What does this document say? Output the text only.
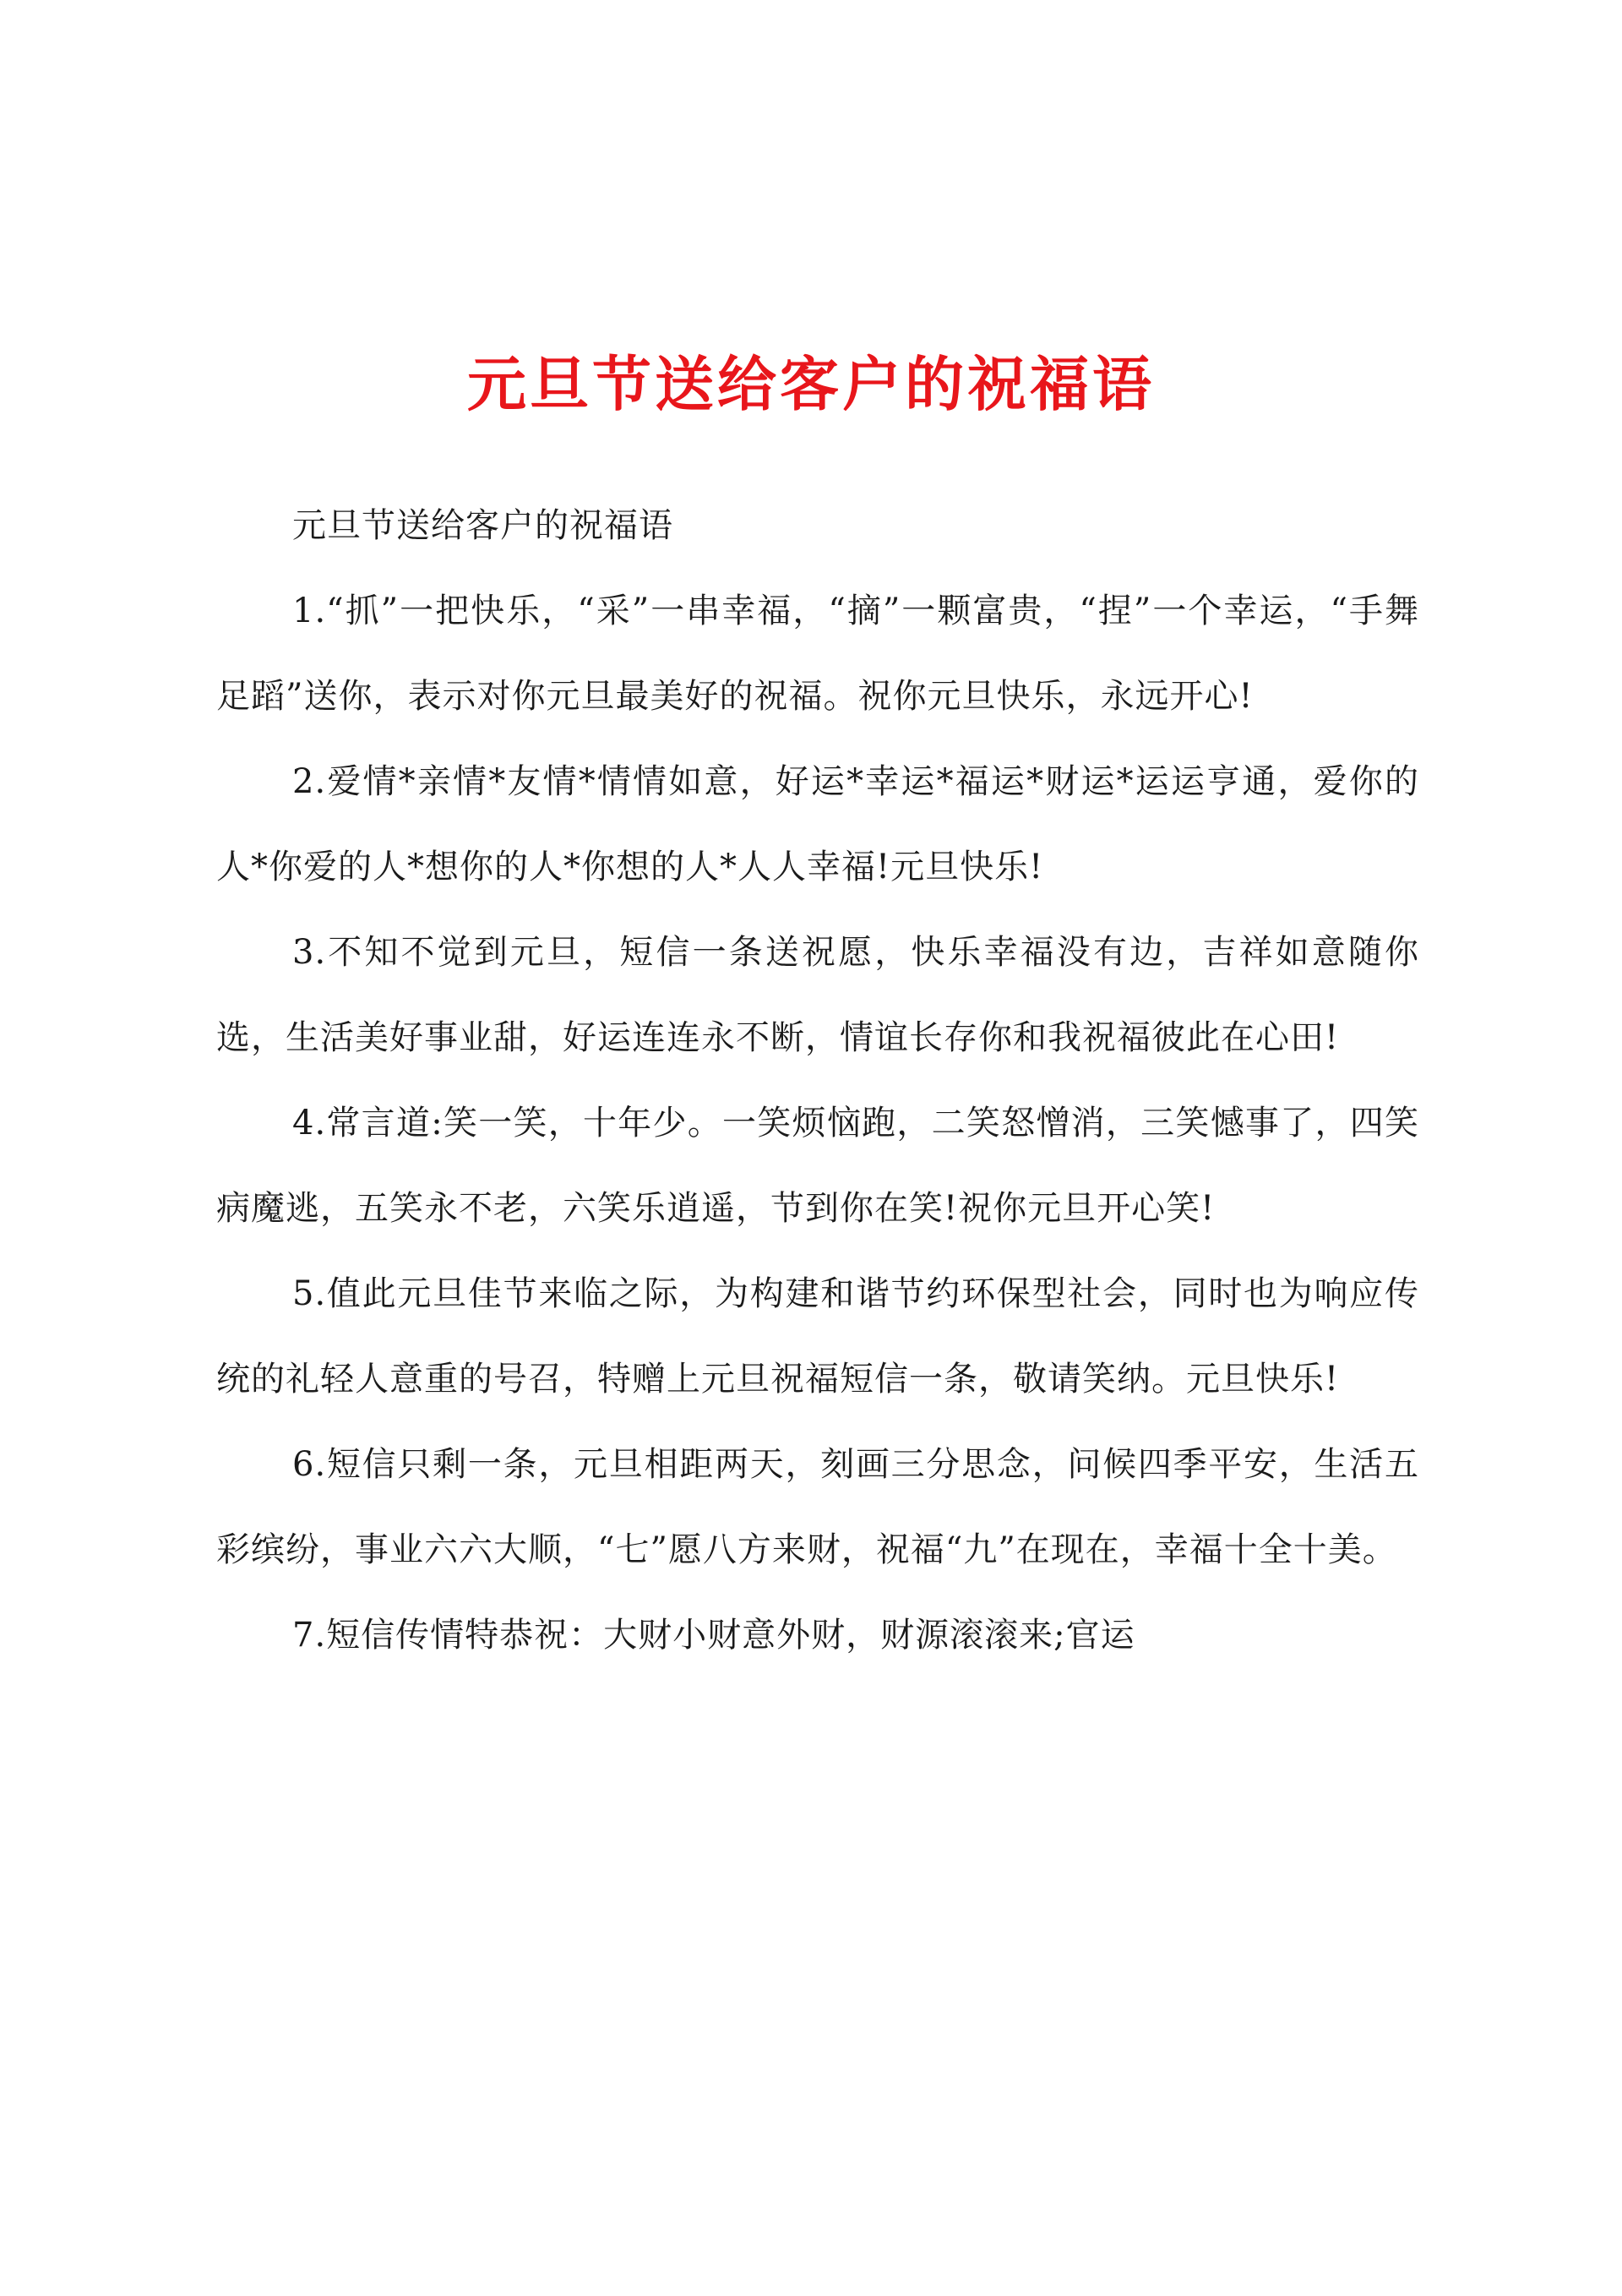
元旦节送给客户的祝福语

元旦节送给客户的祝福语

1.“抓”一把快乐，“采”一串幸福，“摘”一颗富贵，“捏”一个幸运，“手舞足蹈”送你，表示对你元旦最美好的祝福。祝你元旦快乐，永远开心!

2.爱情*亲情*友情*情情如意，好运*幸运*福运*财运*运运亨通，爱你的人*你爱的人*想你的人*你想的人*人人幸福!元旦快乐!

3.不知不觉到元旦，短信一条送祝愿，快乐幸福没有边，吉祥如意随你选，生活美好事业甜，好运连连永不断，情谊长存你和我祝福彼此在心田!

4.常言道:笑一笑，十年少。一笑烦恼跑，二笑怒憎消，三笑憾事了，四笑病魔逃，五笑永不老，六笑乐逍遥，节到你在笑!祝你元旦开心笑!

5.值此元旦佳节来临之际，为构建和谐节约环保型社会，同时也为响应传统的礼轻人意重的号召，特赠上元旦祝福短信一条，敬请笑纳。元旦快乐!

6.短信只剩一条，元旦相距两天，刻画三分思念，问候四季平安，生活五彩缤纷，事业六六大顺，“七”愿八方来财，祝福“九”在现在，幸福十全十美。

7.短信传情特恭祝：大财小财意外财，财源滚滚来;官运
